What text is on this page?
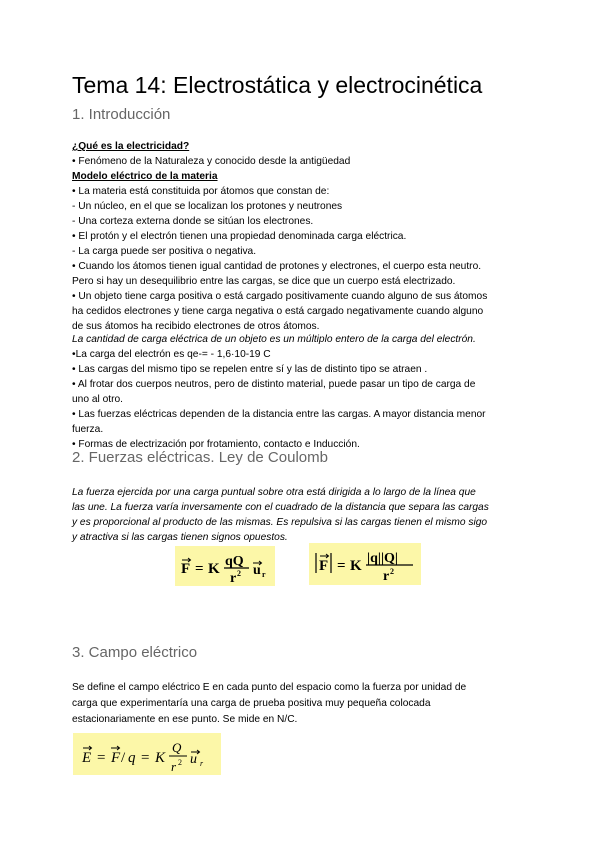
Tema 14: Electrostática y electrocinética
1. Introducción
¿Qué es la electricidad?
• Fenómeno de la Naturaleza y conocido desde la antigüedad
Modelo eléctrico de la materia
• La materia está constituida por átomos que constan de:
- Un núcleo, en el que se localizan los protones y neutrones
- Una corteza externa donde se sitúan los electrones.
• El protón y el electrón tienen una propiedad denominada carga eléctrica.
- La carga puede ser positiva o negativa.
• Cuando los átomos tienen igual cantidad de protones y electrones, el cuerpo esta neutro.
Pero si hay un desequilibrio entre las cargas, se dice que un cuerpo está electrizado.
• Un objeto tiene carga positiva o está cargado positivamente cuando alguno de sus átomos
ha cedidos electrones y tiene carga negativa o está cargado negativamente cuando alguno
de sus átomos ha recibido electrones de otros átomos.
La cantidad de carga eléctrica de un objeto es un múltiplo entero de la carga del electrón.
•La carga del electrón es qe-= - 1,6·10-19 C
• Las cargas del mismo tipo se repelen entre sí y las de distinto tipo se atraen .
• Al frotar dos cuerpos neutros, pero de distinto material, puede pasar un tipo de carga de
uno al otro.
• Las fuerzas eléctricas dependen de la distancia entre las cargas. A mayor distancia menor
fuerza.
• Formas de electrización por frotamiento, contacto e Inducción.
2. Fuerzas eléctricas. Ley de Coulomb
La fuerza ejercida por una carga puntual sobre otra está dirigida a lo largo de la línea que
las une. La fuerza varía inversamente con el cuadrado de la distancia que separa las cargas
y es proporcional al producto de las mismas. Es repulsiva si las cargas tienen el mismo sigo
y atractiva si las cargas tienen signos opuestos.
F = K qQ
r 2 u r
F = K |q||Q|
r 2
3. Campo eléctrico
Se define el campo eléctrico E en cada punto del espacio como la fuerza por unidad de
carga que experimentaría una carga de prueba positiva muy pequeña colocada
estacionariamente en ese punto. Se mide en N/C.
E = F / q = K
Q
r 2 u r
